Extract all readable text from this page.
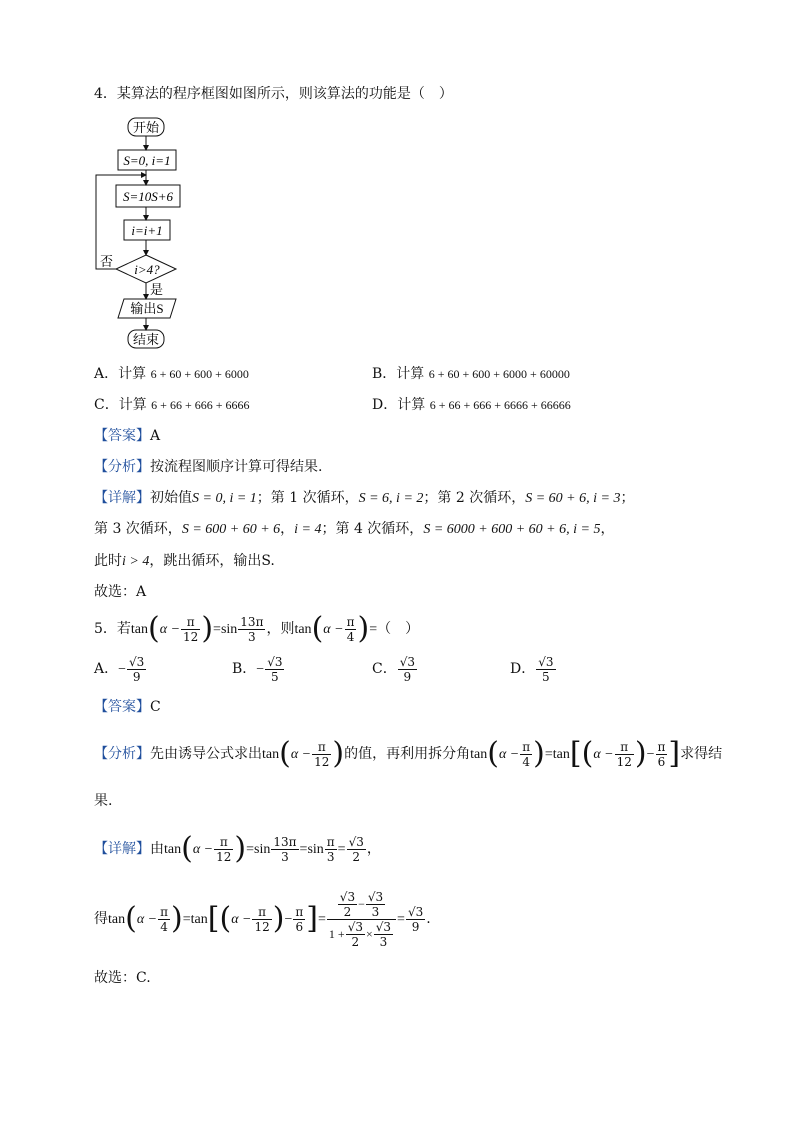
4．某算法的程序框图如图所示，则该算法的功能是（　）
开始
S=0, i=1
S=10S+6
i=i+1
i>4?
否
是
输出S
结束
A．计算 6 + 60 + 600 + 6000	B．计算 6 + 60 + 600 + 6000 + 60000
C．计算 6 + 66 + 666 + 6666	D．计算 6 + 66 + 666 + 6666 + 66666
【答案】A
【分析】按流程图顺序计算可得结果.
【详解】初始值S = 0, i = 1；第 1 次循环，S = 6, i = 2；第 2 次循环，S = 60 + 6, i = 3；
第 3 次循环，S = 600 + 60 + 6，i = 4；第 4 次循环，S = 6000 + 600 + 60 + 6, i = 5，
此时i > 4，跳出循环，输出S.
故选：A
5．若$\tan(\alpha - \frac{\pi}{12} )=\sin \frac{13\pi}{3}$ ，则$\tan(\alpha - \frac{\pi}{4}$ )=（　）
A．− $\frac{√3}{9}$	B．− $\frac{√3}{5}$	C． $\frac{√3}{9}$	D． $\frac{√3}{5}$
【答案】C
【分析】先由诱导公式求出$\tan(\alpha - \frac{\pi}{12}$ )的值，再利用拆分角$\tan(\alpha - \frac{\pi}{4} )=\tan[(\alpha - \frac{\pi}{12}$ )− $\frac{\pi}{6}$ ]求得结
果.
【详解】由$\tan(\alpha - \frac{\pi}{12} )=\sin \frac{13\pi}{3} =\sin \frac{\pi}{3} = \frac{√3}{2}$ ，
得$\tan(\alpha - \frac{\pi}{4} )=\tan[(\alpha - \frac{\pi}{12}$ )− $\frac{\pi}{6}$ ]= $\frac{\frac{√3}{2} - \frac{√3}{3}}{1 + \frac{√3}{2} \times \frac{√3}{3}} = \frac{√3}{9}$ .
故选：C.
